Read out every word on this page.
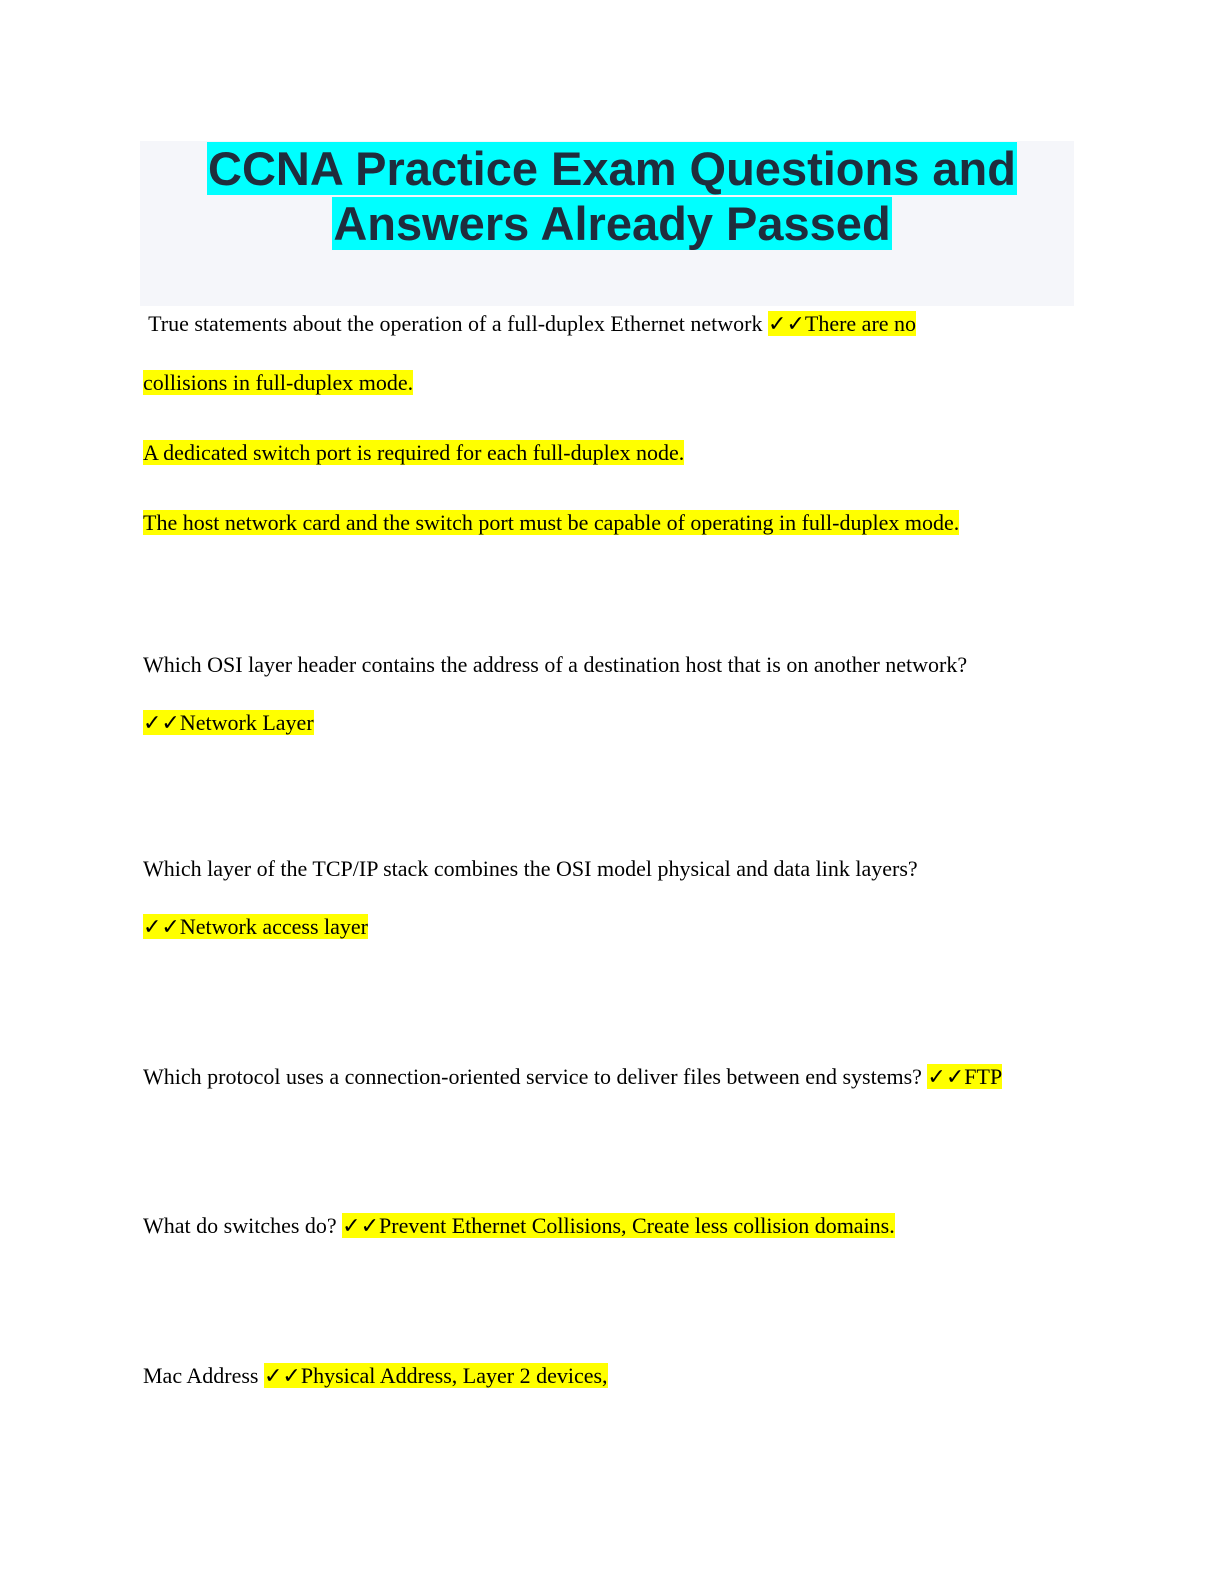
CCNA Practice Exam Questions and
Answers Already Passed
True statements about the operation of a full-duplex Ethernet network ✓✓There are no
collisions in full-duplex mode.
A dedicated switch port is required for each full-duplex node.
The host network card and the switch port must be capable of operating in full-duplex mode.
Which OSI layer header contains the address of a destination host that is on another network?
✓✓Network Layer
Which layer of the TCP/IP stack combines the OSI model physical and data link layers?
✓✓Network access layer
Which protocol uses a connection-oriented service to deliver files between end systems? ✓✓FTP
What do switches do? ✓✓Prevent Ethernet Collisions, Create less collision domains.
Mac Address ✓✓Physical Address, Layer 2 devices,
